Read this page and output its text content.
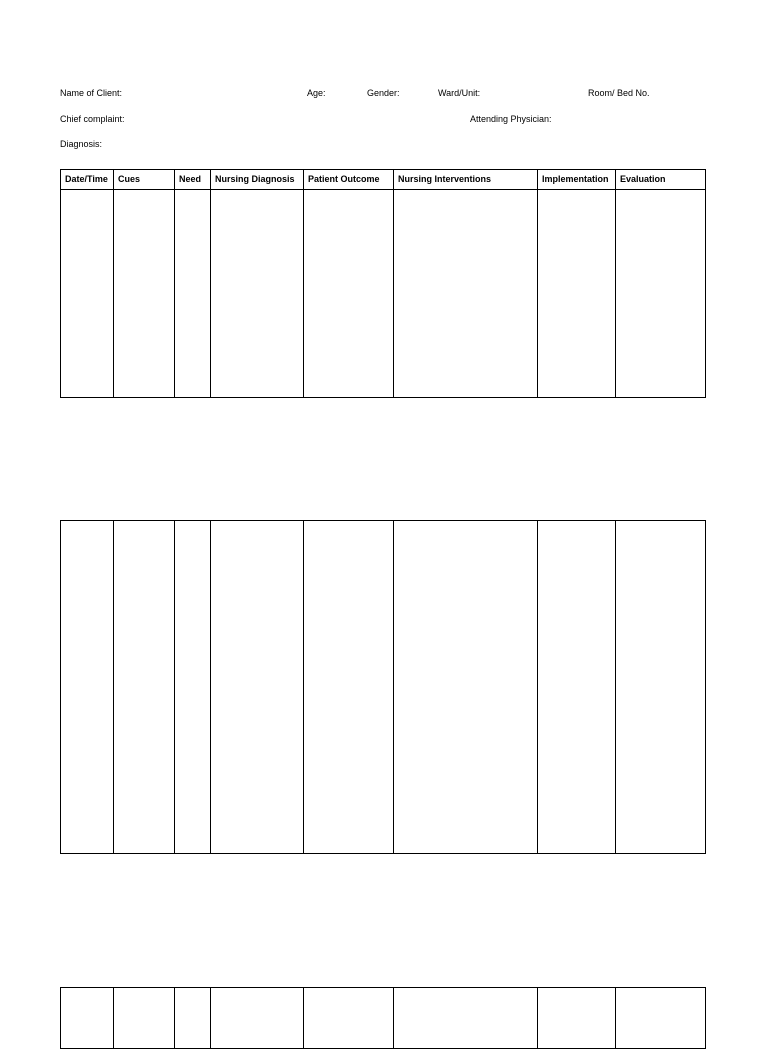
Name of Client:	Age:	Gender:	Ward/Unit:	Room/ Bed No.
Chief complaint:	Attending Physician:
Diagnosis:
Date/Time	Cues	Need	Nursing Diagnosis	Patient Outcome	Nursing Interventions	Implementation	Evaluation
